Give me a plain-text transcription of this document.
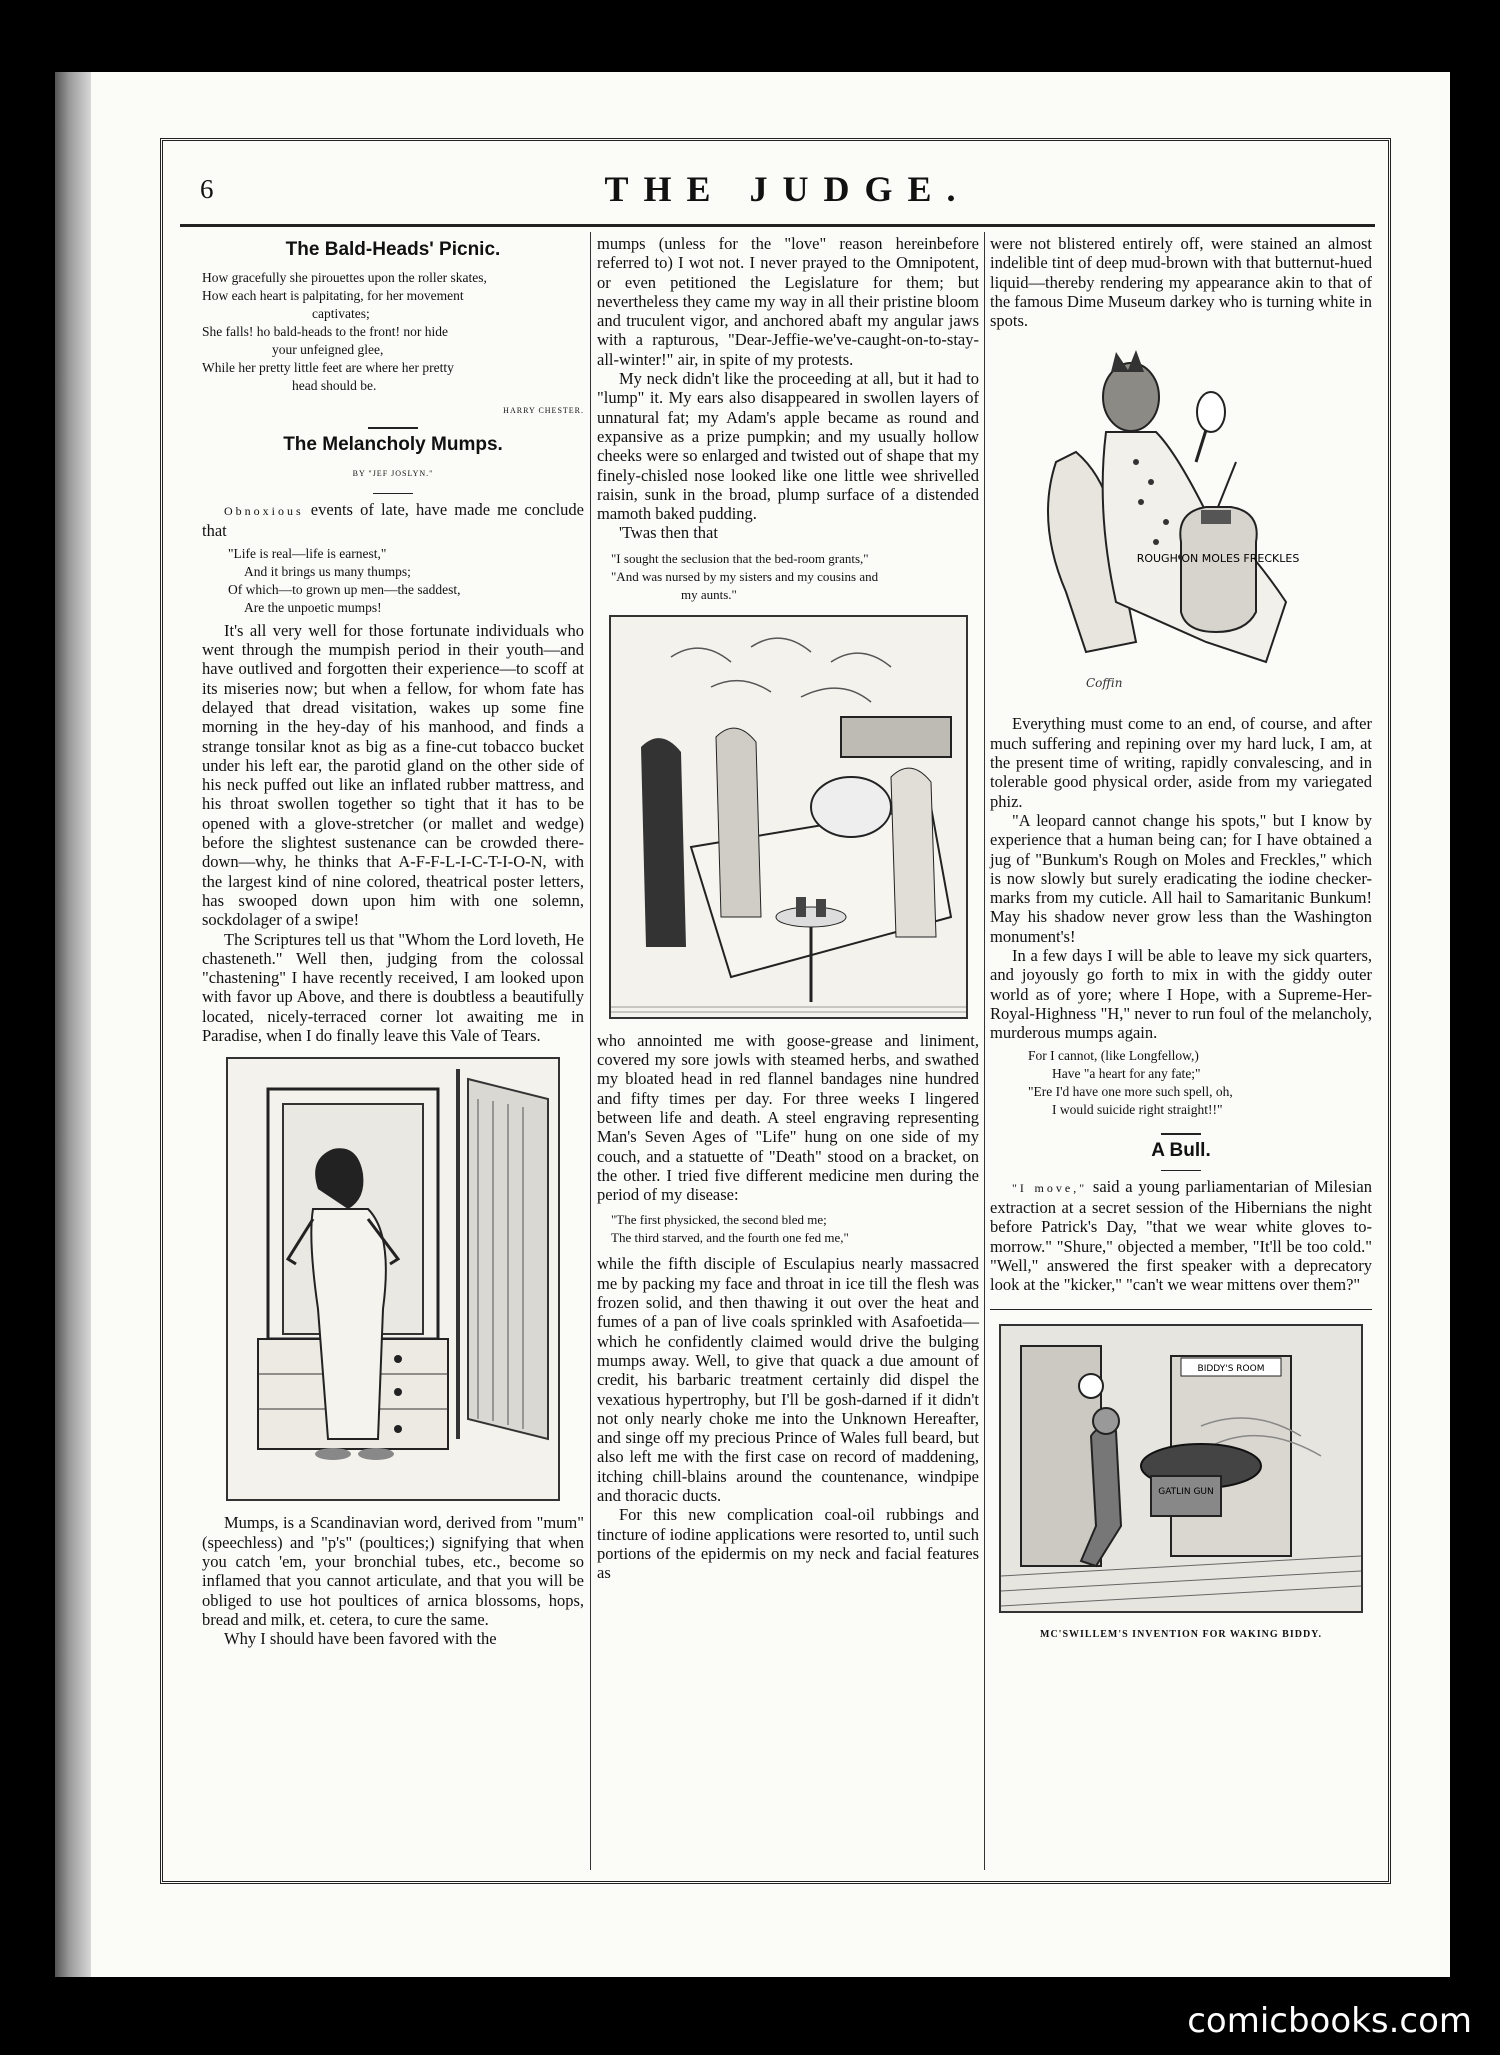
6	THE JUDGE.
The Bald-Heads' Picnic.

How gracefully she pirouettes upon the roller skates,

How each heart is palpitating, for her movement

captivates;

She falls! ho bald-heads to the front! nor hide

your unfeigned glee,

While her pretty little feet are where her pretty

head should be.

HARRY CHESTER.
The Melancholy Mumps.
BY "JEF JOSLYN."

Obnoxious events of late, have made me conclude that

"Life is real—life is earnest,"

And it brings us many thumps;

Of which—to grown up men—the saddest,

Are the unpoetic mumps!

It's all very well for those fortunate individuals who went through the mumpish period in their youth—and have outlived and forgotten their experience—to scoff at its miseries now; but when a fellow, for whom fate has delayed that dread visitation, wakes up some fine morning in the hey-day of his manhood, and finds a strange tonsilar knot as big as a fine-cut tobacco bucket under his left ear, the parotid gland on the other side of his neck puffed out like an inflated rubber mattress, and his throat swollen together so tight that it has to be opened with a glove-stretcher (or mallet and wedge) before the slightest sustenance can be crowded there-down—why, he thinks that A-F-F-L-I-C-T-I-O-N, with the largest kind of nine colored, theatrical poster letters, has swooped down upon him with one solemn, sockdolager of a swipe!

The Scriptures tell us that "Whom the Lord loveth, He chasteneth." Well then, judging from the colossal "chastening" I have recently received, I am looked upon with favor up Above, and there is doubtless a beautifully located, nicely-terraced corner lot awaiting me in Paradise, when I do finally leave this Vale of Tears.

Mumps, is a Scandinavian word, derived from "mum" (speechless) and "p's" (poultices;) signifying that when you catch 'em, your bronchial tubes, etc., become so inflamed that you cannot articulate, and that you will be obliged to use hot poultices of arnica blossoms, hops, bread and milk, et. cetera, to cure the same.

Why I should have been favored with the

mumps (unless for the "love" reason hereinbefore referred to) I wot not. I never prayed to the Omnipotent, or even petitioned the Legislature for them; but nevertheless they came my way in all their pristine bloom and truculent vigor, and anchored abaft my angular jaws with a rapturous, "Dear-Jeffie-we've-caught-on-to-stay-all-winter!" air, in spite of my protests.

My neck didn't like the proceeding at all, but it had to "lump" it. My ears also disappeared in swollen layers of unnatural fat; my Adam's apple became as round and expansive as a prize pumpkin; and my usually hollow cheeks were so enlarged and twisted out of shape that my finely-chisled nose looked like one little wee shrivelled raisin, sunk in the broad, plump surface of a distended mamoth baked pudding.

'Twas then that

"I sought the seclusion that the bed-room grants,"

"And was nursed by my sisters and my cousins and

my aunts."

who annointed me with goose-grease and liniment, covered my sore jowls with steamed herbs, and swathed my bloated head in red flannel bandages nine hundred and fifty times per day. For three weeks I lingered between life and death. A steel engraving representing Man's Seven Ages of "Life" hung on one side of my couch, and a statuette of "Death" stood on a bracket, on the other. I tried five different medicine men during the period of my disease:

"The first physicked, the second bled me;

The third starved, and the fourth one fed me,"

while the fifth disciple of Esculapius nearly massacred me by packing my face and throat in ice till the flesh was frozen solid, and then thawing it out over the heat and fumes of a pan of live coals sprinkled with Asafoetida—which he confidently claimed would drive the bulging mumps away. Well, to give that quack a due amount of credit, his barbaric treatment certainly did dispel the vexatious hypertrophy, but I'll be gosh-darned if it didn't not only nearly choke me into the Unknown Hereafter, and singe off my precious Prince of Wales full beard, but also left me with the first case on record of maddening, itching chill-blains around the countenance, windpipe and thoracic ducts.

For this new complication coal-oil rubbings and tincture of iodine applications were resorted to, until such portions of the epidermis on my neck and facial features as

were not blistered entirely off, were stained an almost indelible tint of deep mud-brown with that butternut-hued liquid—thereby rendering my appearance akin to that of the famous Dime Museum darkey who is turning white in spots.

ROUGH ON MOLES FRECKLES
Coffin

Everything must come to an end, of course, and after much suffering and repining over my hard luck, I am, at the present time of writing, rapidly convalescing, and in tolerable good physical order, aside from my variegated phiz.

"A leopard cannot change his spots," but I know by experience that a human being can; for I have obtained a jug of "Bunkum's Rough on Moles and Freckles," which is now slowly but surely eradicating the iodine checker-marks from my cuticle. All hail to Samaritanic Bunkum! May his shadow never grow less than the Washington monument's!

In a few days I will be able to leave my sick quarters, and joyously go forth to mix in with the giddy outer world as of yore; where I Hope, with a Supreme-Her-Royal-Highness "H," never to run foul of the melancholy, murderous mumps again.

For I cannot, (like Longfellow,)

Have "a heart for any fate;"

"Ere I'd have one more such spell, oh,

I would suicide right straight!!"

A Bull.

"I move," said a young parliamentarian of Milesian extraction at a secret session of the Hibernians the night before Patrick's Day, "that we wear white gloves to-morrow." "Shure," objected a member, "It'll be too cold." "Well," answered the first speaker with a deprecatory look at the "kicker," "can't we wear mittens over them?"

BIDDY'S ROOM
GATLIN GUN
MC'SWILLEM'S INVENTION FOR WAKING BIDDY.
comicbooks.com
